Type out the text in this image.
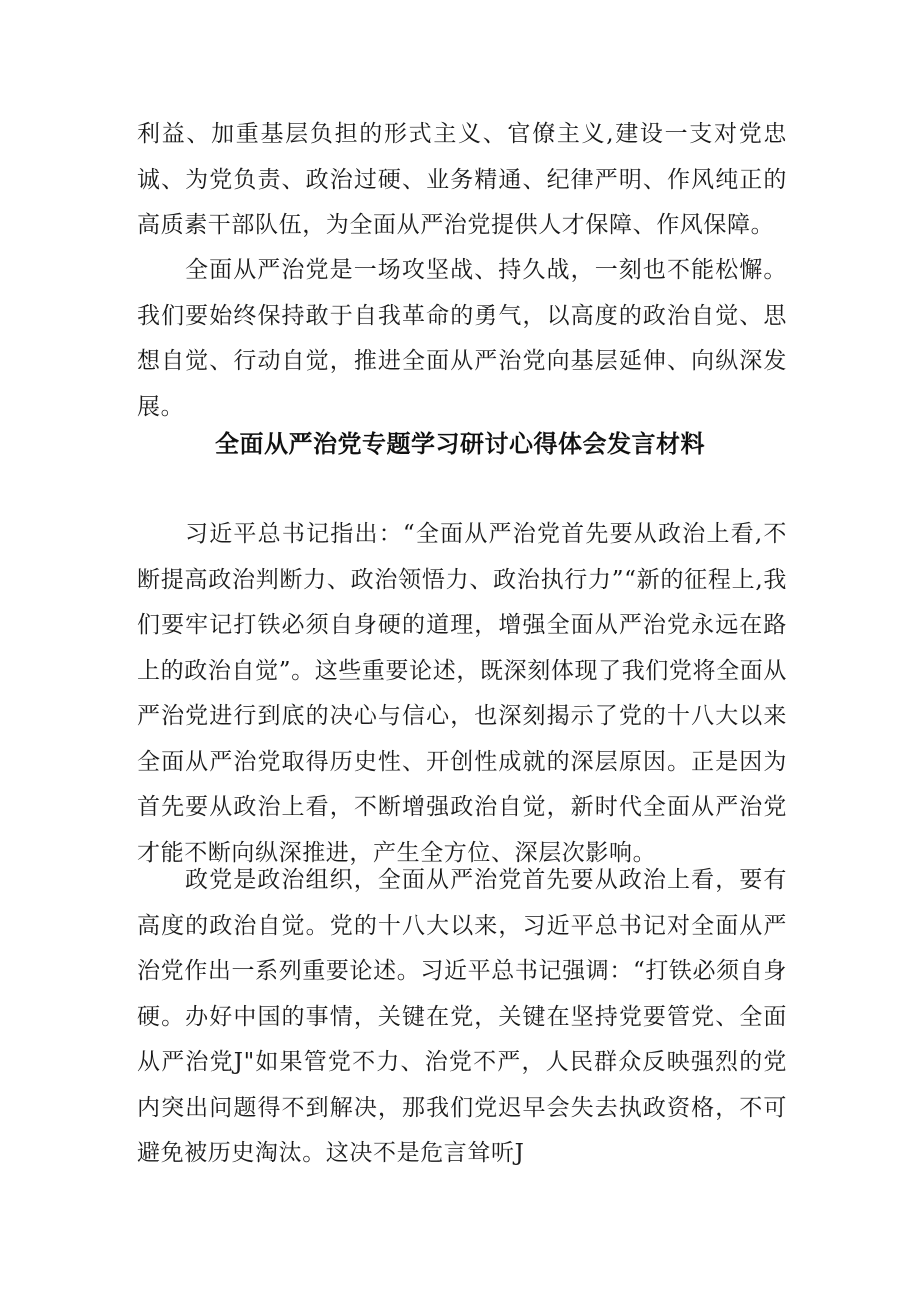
利益、加重基层负担的形式主义、官僚主义,建设一支对党忠诚、为党负责、政治过硬、业务精通、纪律严明、作风纯正的高质素干部队伍，为全面从严治党提供人才保障、作风保障。

全面从严治党是一场攻坚战、持久战，一刻也不能松懈。我们要始终保持敢于自我革命的勇气，以高度的政治自觉、思想自觉、行动自觉，推进全面从严治党向基层延伸、向纵深发展。

全面从严治党专题学习研讨心得体会发言材料

习近平总书记指出：“全面从严治党首先要从政治上看,不断提高政治判断力、政治领悟力、政治执行力”“新的征程上,我们要牢记打铁必须自身硬的道理，增强全面从严治党永远在路上的政治自觉”。这些重要论述，既深刻体现了我们党将全面从严治党进行到底的决心与信心，也深刻揭示了党的十八大以来全面从严治党取得历史性、开创性成就的深层原因。正是因为首先要从政治上看，不断增强政治自觉，新时代全面从严治党才能不断向纵深推进，产生全方位、深层次影响。

政党是政治组织，全面从严治党首先要从政治上看，要有高度的政治自觉。党的十八大以来，习近平总书记对全面从严治党作出一系列重要论述。习近平总书记强调：“打铁必须自身硬。办好中国的事情，关键在党，关键在坚持党要管党、全面从严治党J"如果管党不力、治党不严，人民群众反映强烈的党内突出问题得不到解决，那我们党迟早会失去执政资格，不可避免被历史淘汰。这决不是危言耸听J
